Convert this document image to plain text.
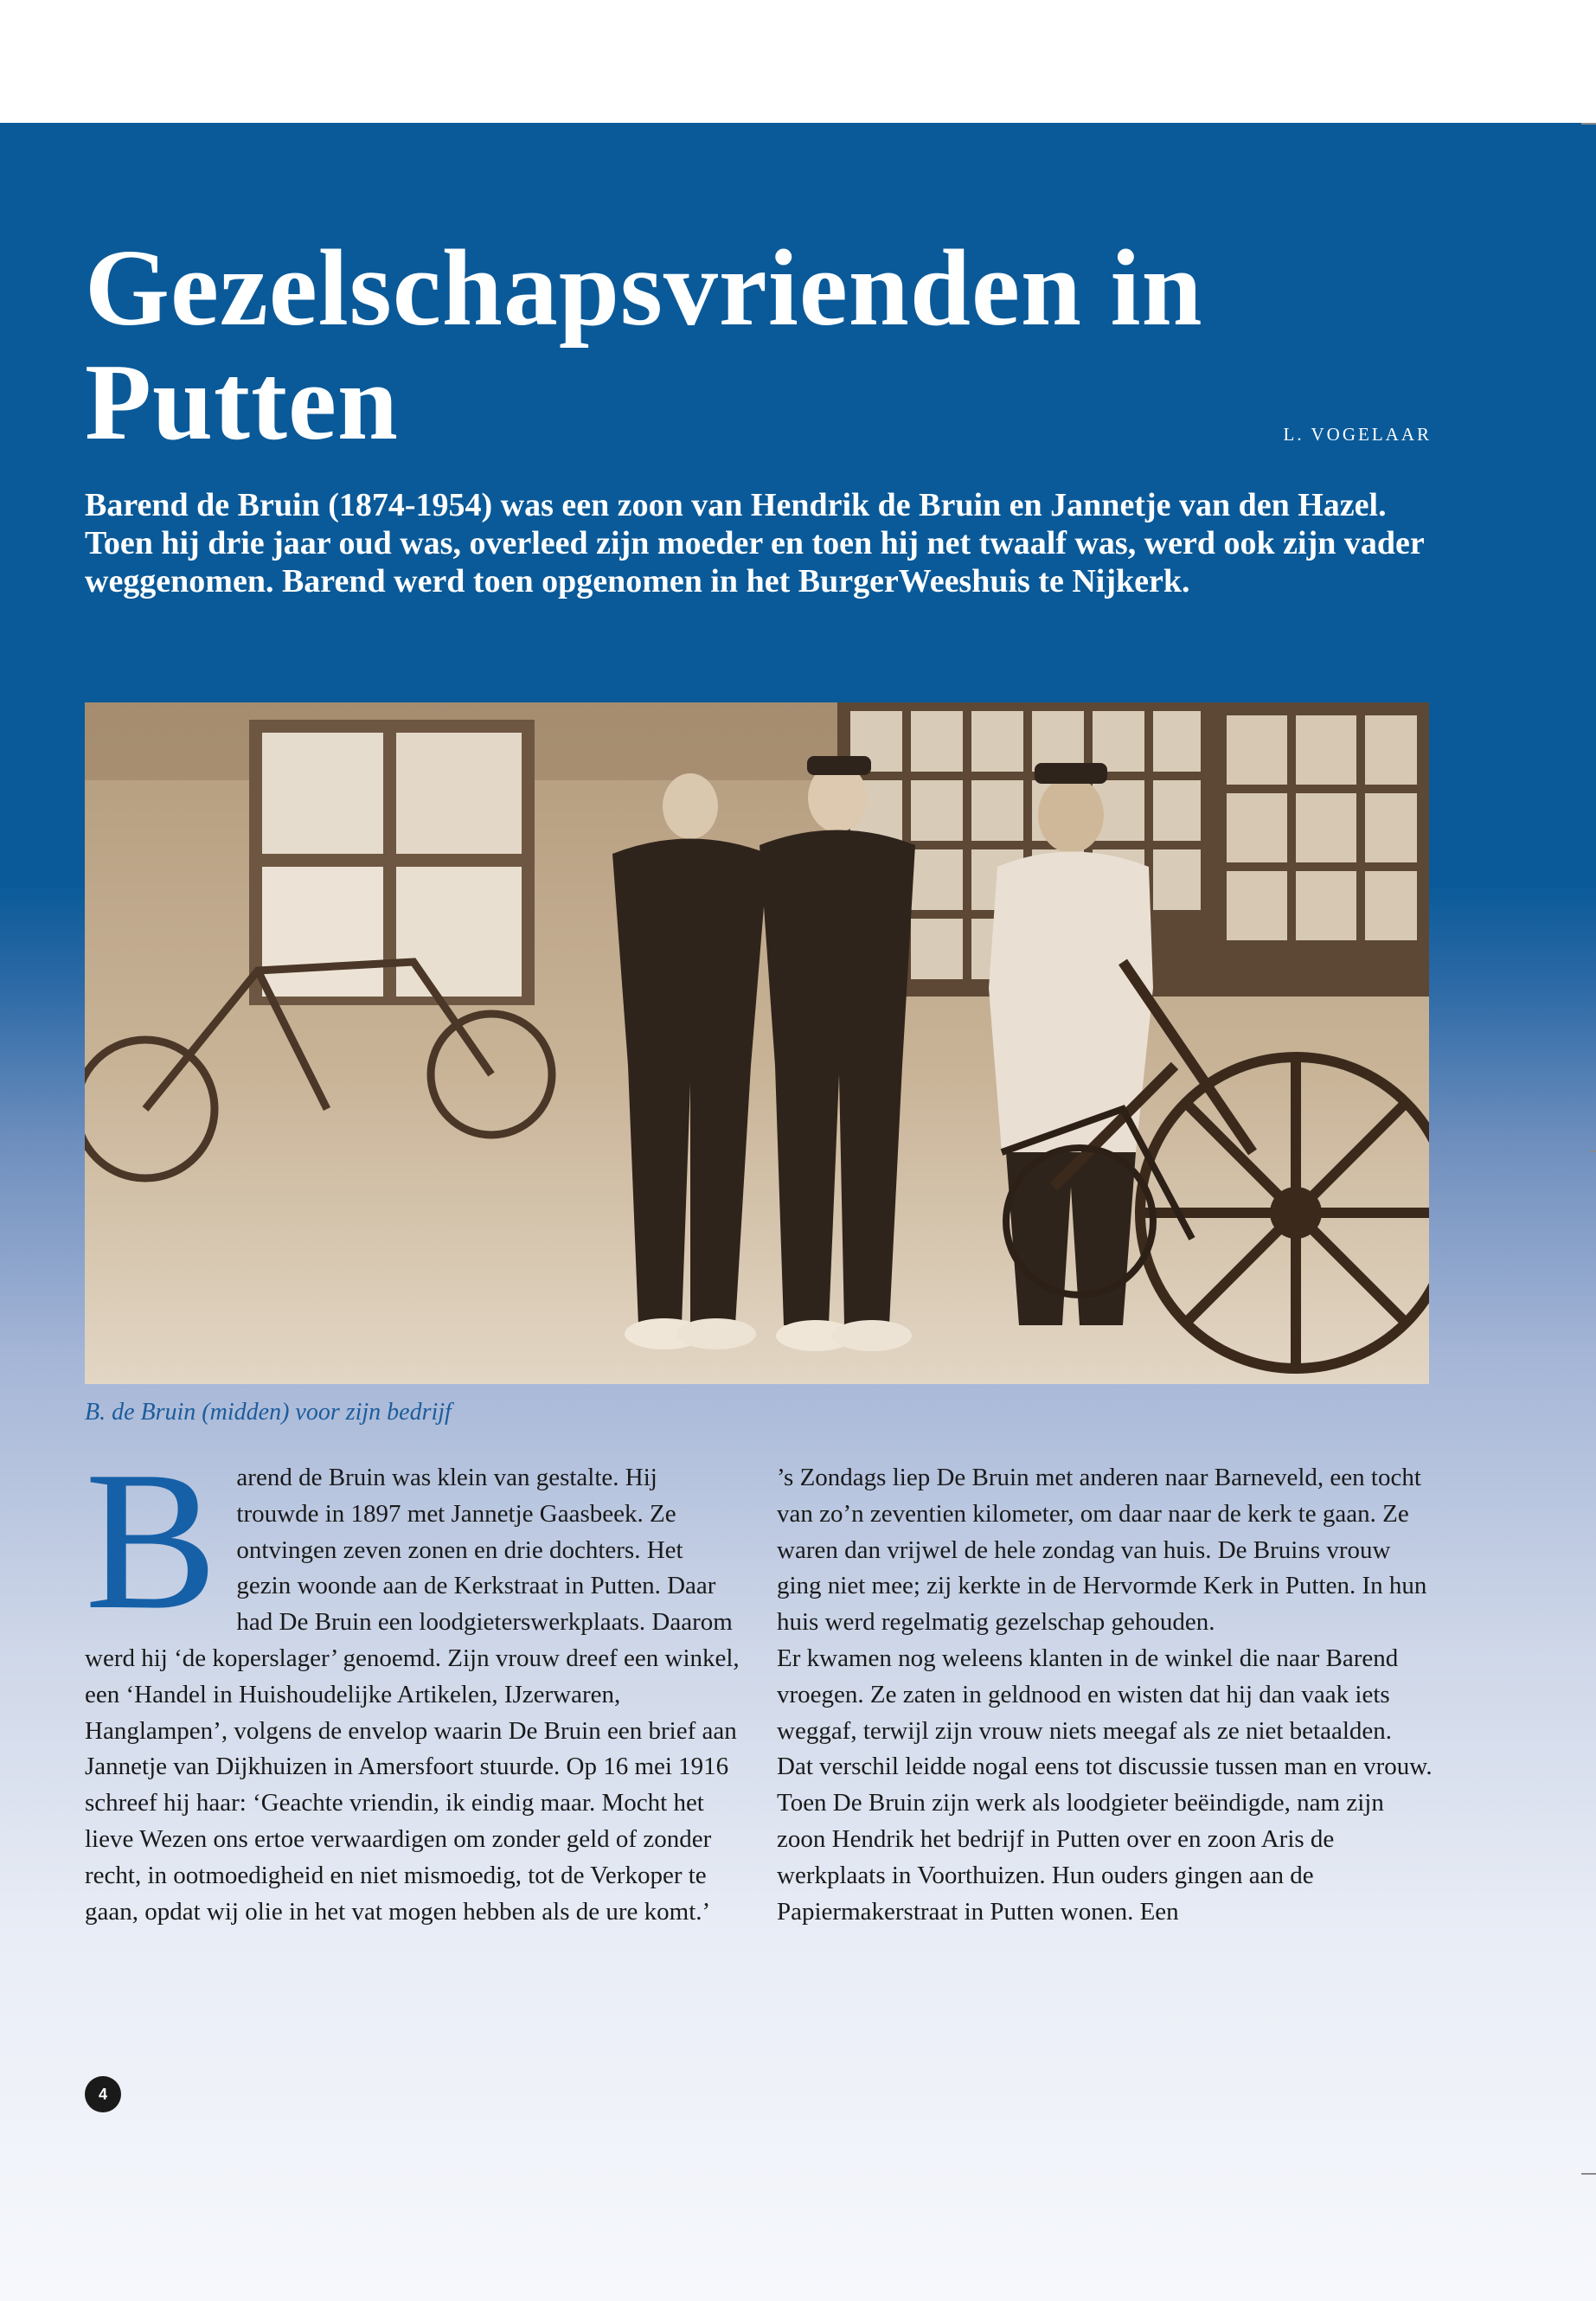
Gezelschapsvrienden in Putten	L. VOGELAAR

Barend de Bruin (1874-1954) was een zoon van Hendrik de Bruin en Jannetje van den Hazel. Toen hij drie jaar oud was, overleed zijn moeder en toen hij net twaalf was, werd ook zijn vader weggenomen. Barend werd toen opgenomen in het BurgerWeeshuis te Nijkerk.

B. de Bruin (midden) voor zijn bedrijf
B arend de Bruin was klein van gestalte. Hij trouwde in 1897 met Jannetje Gaasbeek. Ze ontvingen zeven zonen en drie dochters. Het gezin woonde aan de Kerkstraat in Putten. Daar had De Bruin een loodgieterswerkplaats. Daarom werd hij ‘de koperslager’ genoemd. Zijn vrouw dreef een winkel, een ‘Handel in Huishoudelijke Artikelen, IJzerwaren, Hanglampen’, volgens de envelop waarin De Bruin een brief aan Jannetje van Dijkhuizen in Amersfoort stuurde. Op 16 mei 1916 schreef hij haar: ‘Geachte vriendin, ik eindig maar. Mocht het lieve Wezen ons ertoe verwaardigen om zonder geld of zonder recht, in ootmoedigheid en niet mismoedig, tot de Verkoper te gaan, opdat wij olie in het vat mogen hebben als de ure komt.’

’s Zondags liep De Bruin met anderen naar Barneveld, een tocht van zo’n zeventien kilometer, om daar naar de kerk te gaan. Ze waren dan vrijwel de hele zondag van huis. De Bruins vrouw ging niet mee; zij kerkte in de Hervormde Kerk in Putten. In hun huis werd regelmatig gezelschap gehouden.

Er kwamen nog weleens klanten in de winkel die naar Barend vroegen. Ze zaten in geldnood en wisten dat hij dan vaak iets weggaf, terwijl zijn vrouw niets meegaf als ze niet betaalden. Dat verschil leidde nogal eens tot discussie tussen man en vrouw.

Toen De Bruin zijn werk als loodgieter beëindigde, nam zijn zoon Hendrik het bedrijf in Putten over en zoon Aris de werkplaats in Voorthuizen. Hun ouders gingen aan de Papiermakerstraat in Putten wonen. Een

4
